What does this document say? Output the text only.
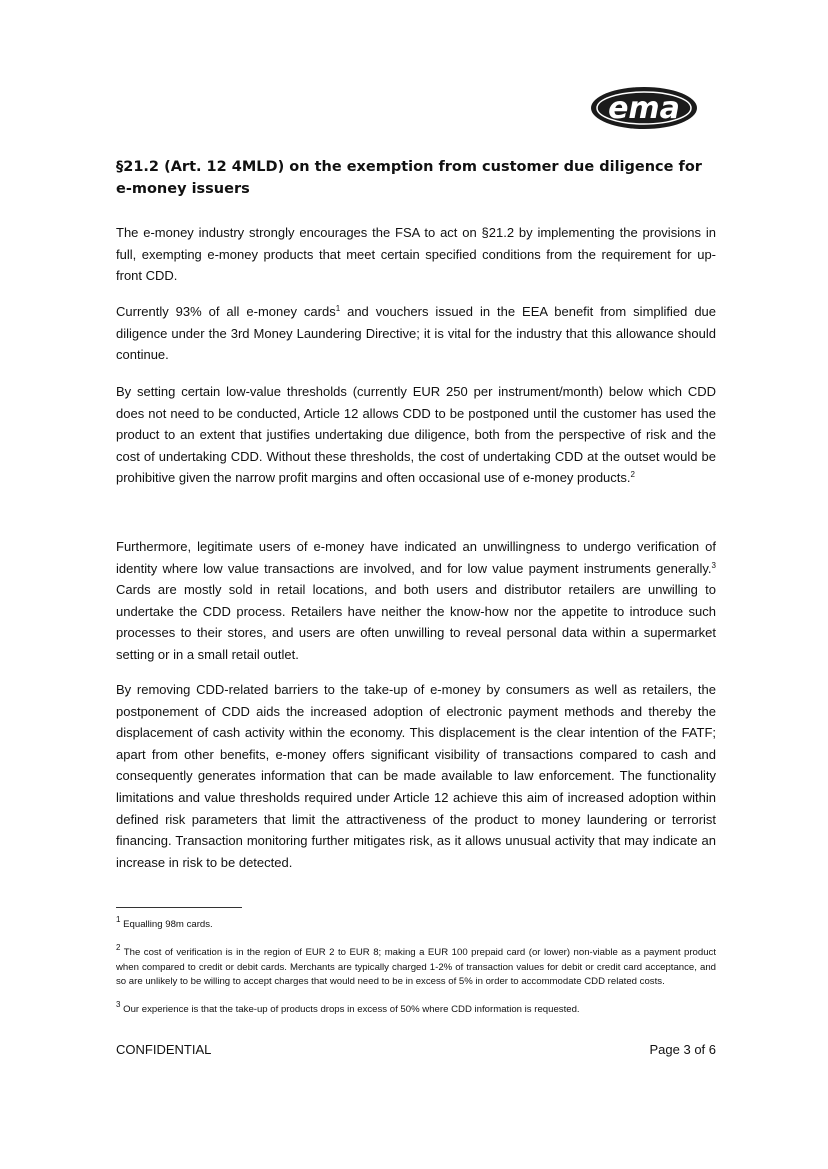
ema
§21.2 (Art. 12 4MLD) on the exemption from customer due diligence for e-money issuers

The e-money industry strongly encourages the FSA to act on §21.2 by implementing the provisions in full, exempting e-money products that meet certain specified conditions from the requirement for up-front CDD.

Currently 93% of all e-money cards$^1$ and vouchers issued in the EEA benefit from simplified due diligence under the 3rd Money Laundering Directive; it is vital for the industry that this allowance should continue.

By setting certain low-value thresholds (currently EUR 250 per instrument/month) below which CDD does not need to be conducted, Article 12 allows CDD to be postponed until the customer has used the product to an extent that justifies undertaking due diligence, both from the perspective of risk and the cost of undertaking CDD. Without these thresholds, the cost of undertaking CDD at the outset would be prohibitive given the narrow profit margins and often occasional use of e-money products.$^2$

Furthermore, legitimate users of e-money have indicated an unwillingness to undergo verification of identity where low value transactions are involved, and for low value payment instruments generally.$^3$ Cards are mostly sold in retail locations, and both users and distributor retailers are unwilling to undertake the CDD process. Retailers have neither the know-how nor the appetite to introduce such processes to their stores, and users are often unwilling to reveal personal data within a supermarket setting or in a small retail outlet.

By removing CDD-related barriers to the take-up of e-money by consumers as well as retailers, the postponement of CDD aids the increased adoption of electronic payment methods and thereby the displacement of cash activity within the economy. This displacement is the clear intention of the FATF; apart from other benefits, e-money offers significant visibility of transactions compared to cash and consequently generates information that can be made available to law enforcement. The functionality limitations and value thresholds required under Article 12 achieve this aim of increased adoption within defined risk parameters that limit the attractiveness of the product to money laundering or terrorist financing. Transaction monitoring further mitigates risk, as it allows unusual activity that may indicate an increase in risk to be detected.

$^1$ Equalling 98m cards.

$^2$ The cost of verification is in the region of EUR 2 to EUR 8; making a EUR 100 prepaid card (or lower) non-viable as a payment product when compared to credit or debit cards. Merchants are typically charged 1-2% of transaction values for debit or credit card acceptance, and so are unlikely to be willing to accept charges that would need to be in excess of 5% in order to accommodate CDD related costs.

$^3$ Our experience is that the take-up of products drops in excess of 50% where CDD information is requested.

CONFIDENTIAL	Page 3 of 6
